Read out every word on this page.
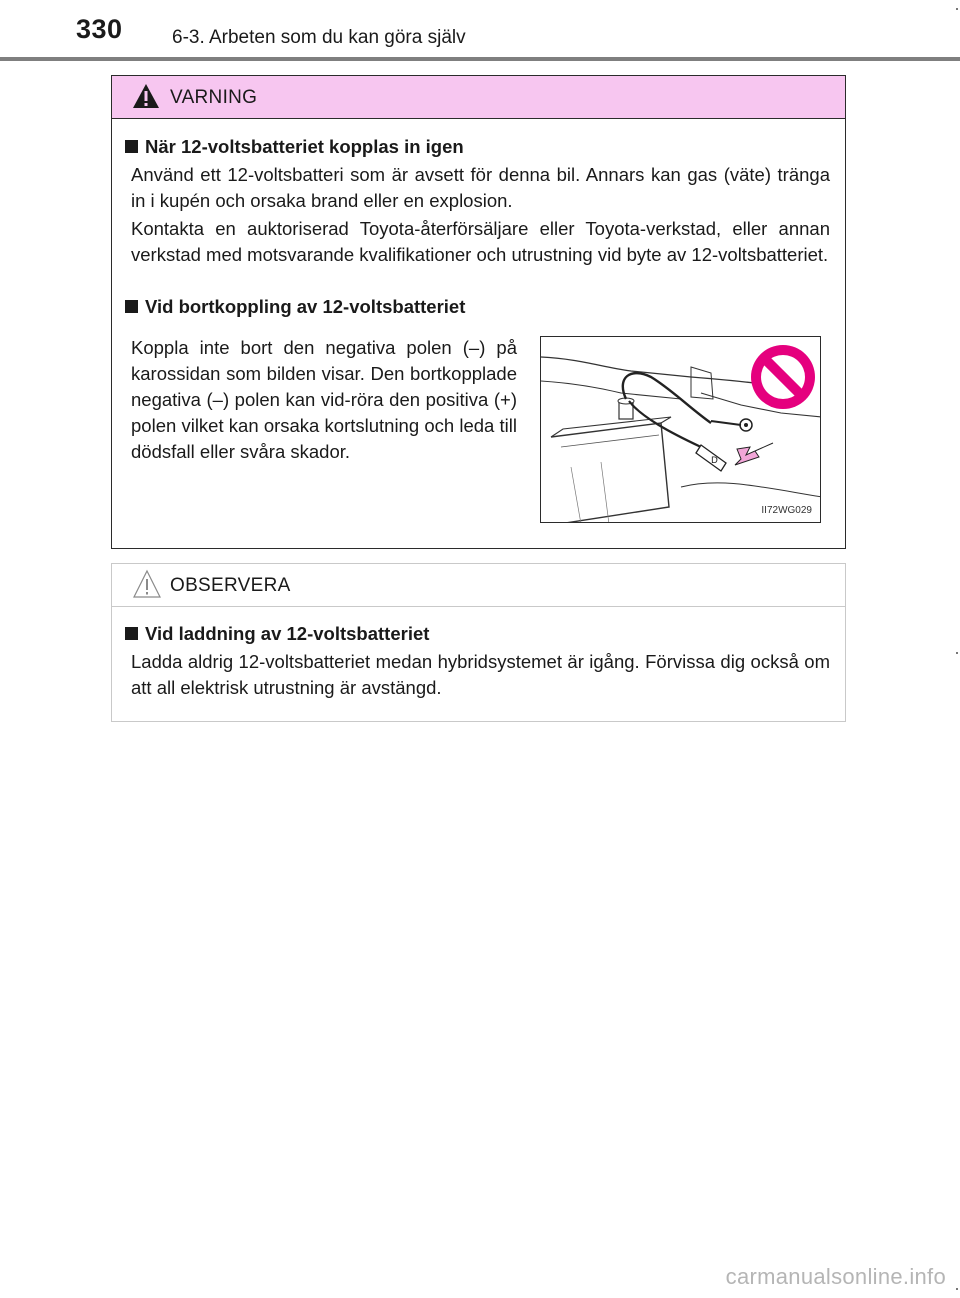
330	6-3. Arbeten som du kan göra själv
VARNING
När 12-voltsbatteriet kopplas in igen
Använd ett 12-voltsbatteri som är avsett för denna bil. Annars kan gas (väte) tränga in i kupén och orsaka brand eller en explosion.
Kontakta en auktoriserad Toyota-återförsäljare eller Toyota-verkstad, eller annan verkstad med motsvarande kvalifikationer och utrustning vid byte av 12-voltsbatteriet.
Vid bortkoppling av 12-voltsbatteriet
Koppla inte bort den negativa polen (–) på karossidan som bilden visar. Den bortkopplade negativa (–) polen kan vid-röra den positiva (+) polen vilket kan orsaka kortslutning och leda till dödsfall eller svåra skador.	D
II72WG029
OBSERVERA
Vid laddning av 12-voltsbatteriet
Ladda aldrig 12-voltsbatteriet medan hybridsystemet är igång. Förvissa dig också om att all elektrisk utrustning är avstängd.
carmanualsonline.info
